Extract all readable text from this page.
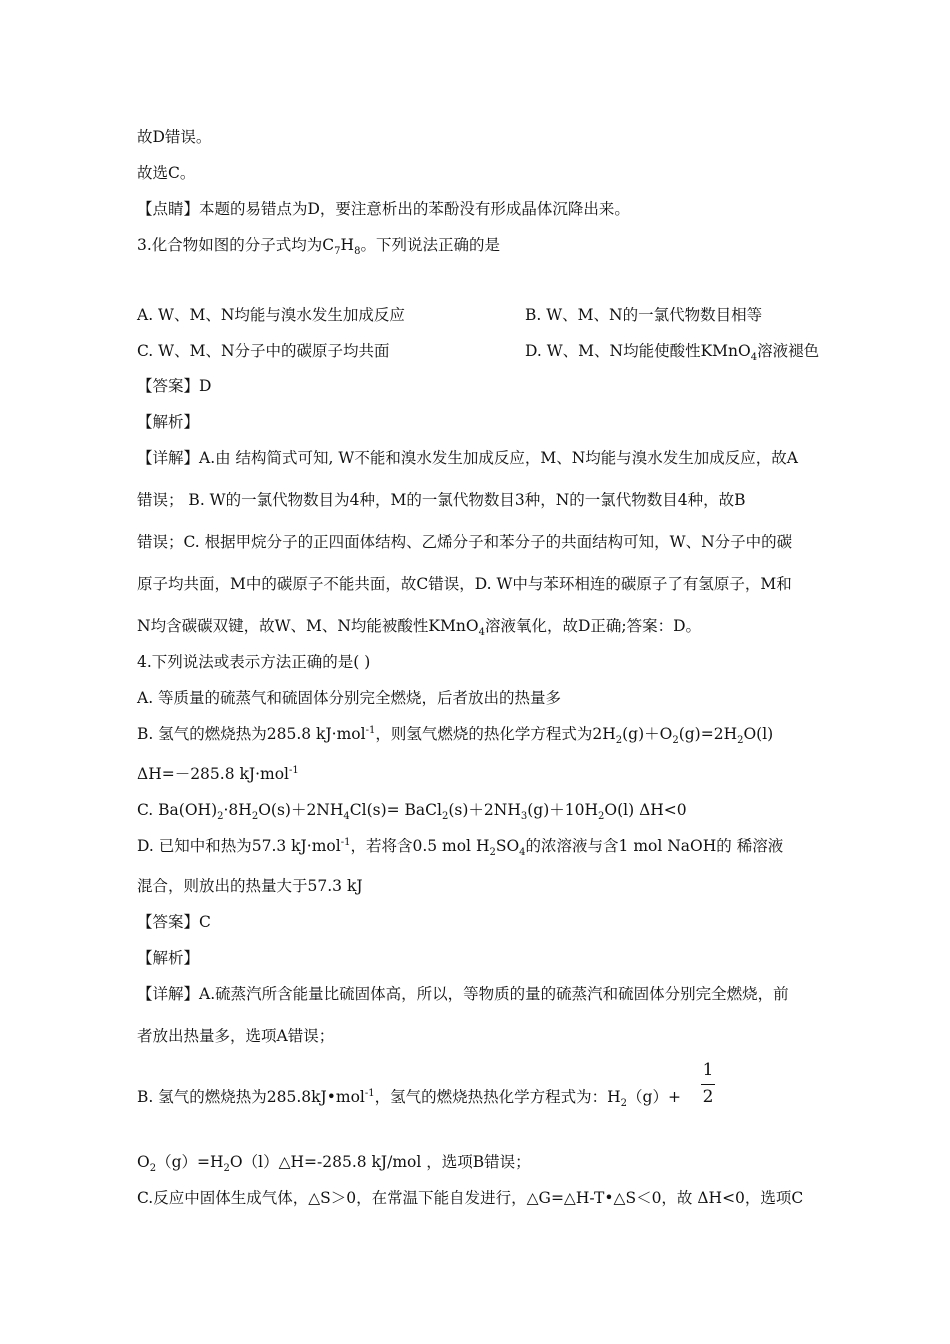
故D错误。
故选C。
【点睛】本题的易错点为D，要注意析出的苯酚没有形成晶体沉降出来。
3.化合物如图的分子式均为$C_7H_8$。下列说法正确的是
A. W、M、N均能与溴水发生加成反应	B. W、M、N的一氯代物数目相等
C. W、M、N分子中的碳原子均共面	D. W、M、N均能使酸性KMnO$_4$溶液褪色
【答案】D
【解析】
【详解】A.由 结构简式可知, W不能和溴水发生加成反应，M、N均能与溴水发生加成反应，故A
错误； B. W的一氯代物数目为4种，M的一氯代物数目3种，N的一氯代物数目4种，故B
错误；C. 根据甲烷分子的正四面体结构、乙烯分子和苯分子的共面结构可知，W、N分子中的碳
原子均共面，M中的碳原子不能共面，故C错误，D. W中与苯环相连的碳原子了有氢原子，M和
N均含碳碳双键，故W、M、N均能被酸性KMnO$_4$溶液氧化，故D正确;答案：D。
4.下列说法或表示方法正确的是( )
A. 等质量的硫蒸气和硫固体分别完全燃烧，后者放出的热量多
B. 氢气的燃烧热为285.8 kJ·mol$^{-1}$，则氢气燃烧的热化学方程式为$2H_2(g)+O_2(g)=2H_2O(l)$
ΔH=－285.8 kJ·mol$^{-1}$
C. $Ba(OH)_2\cdot 8H_2O(s)+2NH_4Cl(s)=$ $BaCl_2(s)+2NH_3(g)+10H_2O(l)$ ΔH<0
D. 已知中和热为57.3 kJ·mol$^{-1}$，若将含0.5 mol $H_2SO_4$的浓溶液与含1 mol NaOH的 稀溶液
混合，则放出的热量大于57.3 kJ
【答案】C
【解析】
【详解】A.硫蒸汽所含能量比硫固体高，所以，等物质的量的硫蒸汽和硫固体分别完全燃烧，前
者放出热量多，选项A错误；
B. 氢气的燃烧热为285.8kJ•mol$^{-1}$，氢气的燃烧热热化学方程式为：$H_2(g)+$
1
2
$O_2(g)=H_2O(l)\triangle H=-285.8$ kJ/mol ，选项B错误；
C.反应中固体生成气体，△S＞0，在常温下能自发进行，△G=△H-T•△S＜0，故 ΔH<0，选项C
